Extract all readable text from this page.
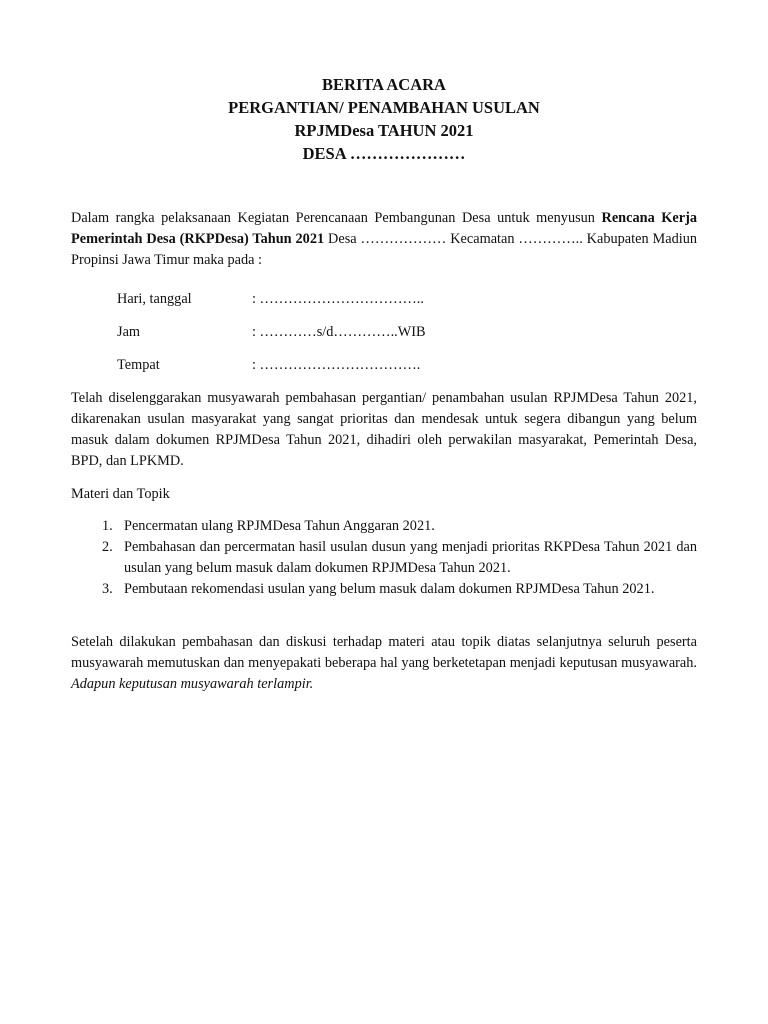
BERITA ACARA
PERGANTIAN/ PENAMBAHAN USULAN
RPJMDesa TAHUN 2021
DESA …………………
Dalam rangka pelaksanaan Kegiatan Perencanaan Pembangunan Desa untuk menyusun Rencana Kerja Pemerintah Desa (RKPDesa) Tahun 2021 Desa ……………… Kecamatan ………….. Kabupaten Madiun Propinsi Jawa Timur maka pada :
Hari, tanggal	: ……………………………..
Jam	: …………s/d…………..WIB
Tempat	: …………………………….
Telah diselenggarakan musyawarah pembahasan pergantian/ penambahan usulan RPJMDesa Tahun 2021, dikarenakan usulan masyarakat yang sangat prioritas dan mendesak untuk segera dibangun yang belum masuk dalam dokumen RPJMDesa Tahun 2021, dihadiri oleh perwakilan masyarakat, Pemerintah Desa, BPD, dan LPKMD.
Materi dan Topik
1. Pencermatan ulang RPJMDesa Tahun Anggaran 2021.
2. Pembahasan dan percermatan hasil usulan dusun yang menjadi prioritas RKPDesa Tahun 2021 dan usulan yang belum masuk dalam dokumen RPJMDesa Tahun 2021.
3. Pembutaan rekomendasi usulan yang belum masuk dalam dokumen RPJMDesa Tahun 2021.
Setelah dilakukan pembahasan dan diskusi terhadap materi atau topik diatas selanjutnya seluruh peserta musyawarah memutuskan dan menyepakati beberapa hal yang berketetapan menjadi keputusan musyawarah. Adapun keputusan musyawarah terlampir.
